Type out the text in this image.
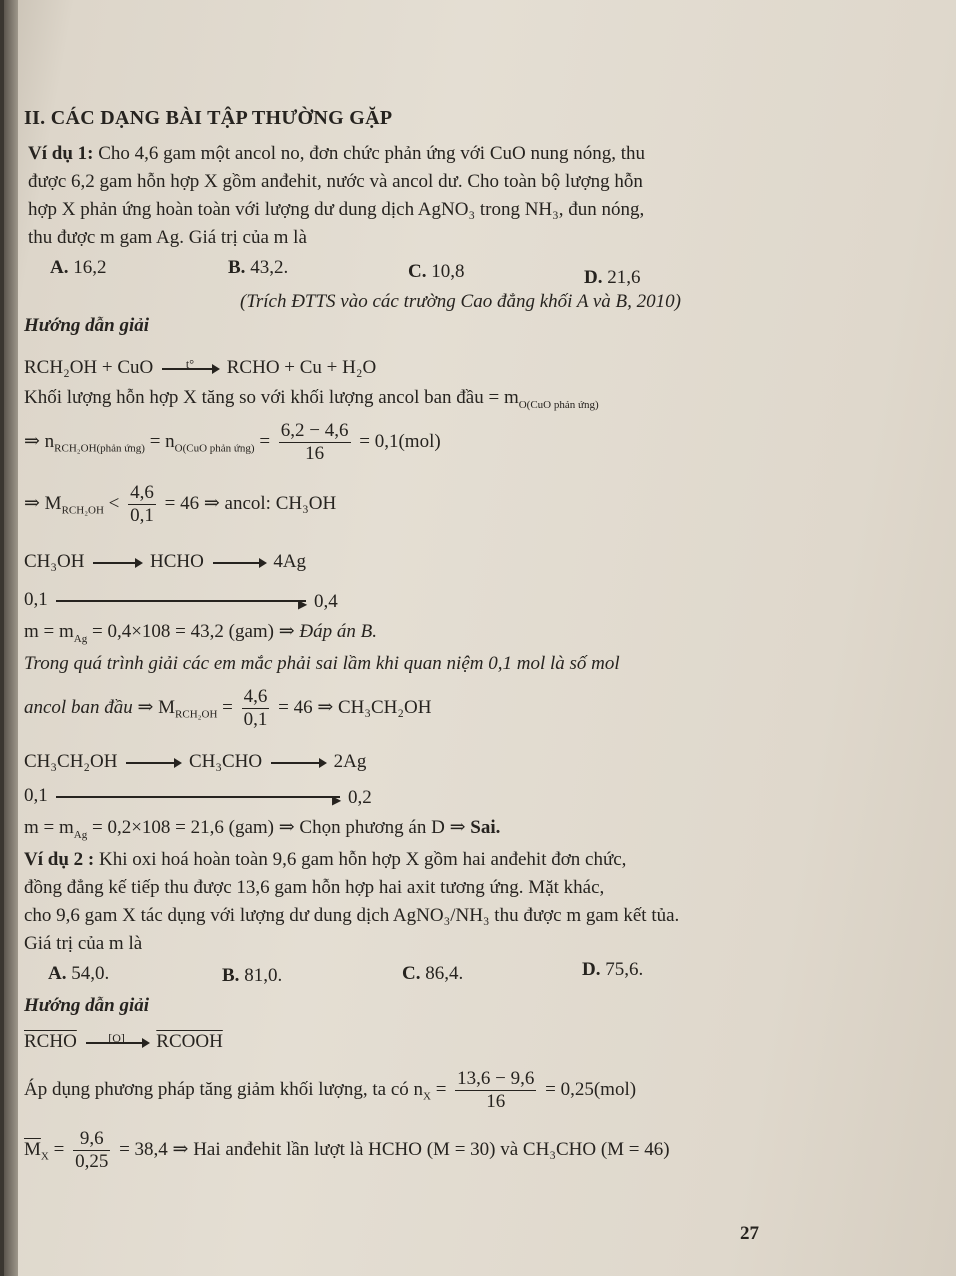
II. CÁC DẠNG BÀI TẬP THƯỜNG GẶP
Ví dụ 1: Cho 4,6 gam một ancol no, đơn chức phản ứng với CuO nung nóng, thu
được 6,2 gam hỗn hợp X gồm anđehit, nước và ancol dư. Cho toàn bộ lượng hỗn
hợp X phản ứng hoàn toàn với lượng dư dung dịch AgNO₃ trong NH₃, đun nóng,
thu được m gam Ag. Giá trị của m là
A. 16,2	B. 43,2.	C. 10,8	D. 21,6
(Trích ĐTTS vào các trường Cao đẳng khối A và B, 2010)
Hướng dẫn giải
RCH₂OH + CuO	t° RCHO + Cu + H₂O
Khối lượng hỗn hợp X tăng so với khối lượng ancol ban đầu = $m_{O(CuO phản ứng)}$
⇒ $n_{RCH_2OH(phản ứng)} = n_{O(CuO phản ứng)} = \frac{6,2 - 4,6}{16} = 0,1(mol)$
⇒ $M_{RCH_2OH} < \frac{4,6}{0,1} = 46$ ⇒ ancol: CH₃OH
CH₃OH	HCHO	4Ag
0,1	▶ 0,4
$m = m_{Ag} = 0,4\times 108 = 43,2$ (gam) ⇒ Đáp án B.
Trong quá trình giải các em mắc phải sai lầm khi quan niệm 0,1 mol là số mol
ancol ban đầu ⇒ $M_{RCH_2OH} = \frac{4,6}{0,1} = 46$ ⇒ CH₃CH₂OH
CH₃CH₂OH	CH₃CHO	2Ag
0,1	▶ 0,2
$m = m_{Ag} = 0,2\times 108 = 21,6$ (gam) ⇒ Chọn phương án D ⇒ Sai.
Ví dụ 2 : Khi oxi hoá hoàn toàn 9,6 gam hỗn hợp X gồm hai anđehit đơn chức,
đồng đẳng kế tiếp thu được 13,6 gam hỗn hợp hai axit tương ứng. Mặt khác,
cho 9,6 gam X tác dụng với lượng dư dung dịch AgNO₃/NH₃ thu được m gam kết tủa.
Giá trị của m là
A. 54,0.	B. 81,0.	C. 86,4.	D. 75,6.
Hướng dẫn giải
RCHO	[O] RCOOH
Áp dụng phương pháp tăng giảm khối lượng, ta có $n_X = \frac{13,6 - 9,6}{16} = 0,25(mol)$
$\overline{M}_X = \frac{9,6}{0,25} = 38,4$ ⇒ Hai anđehit lần lượt là HCHO (M = 30) và CH₃CHO (M = 46)
27
